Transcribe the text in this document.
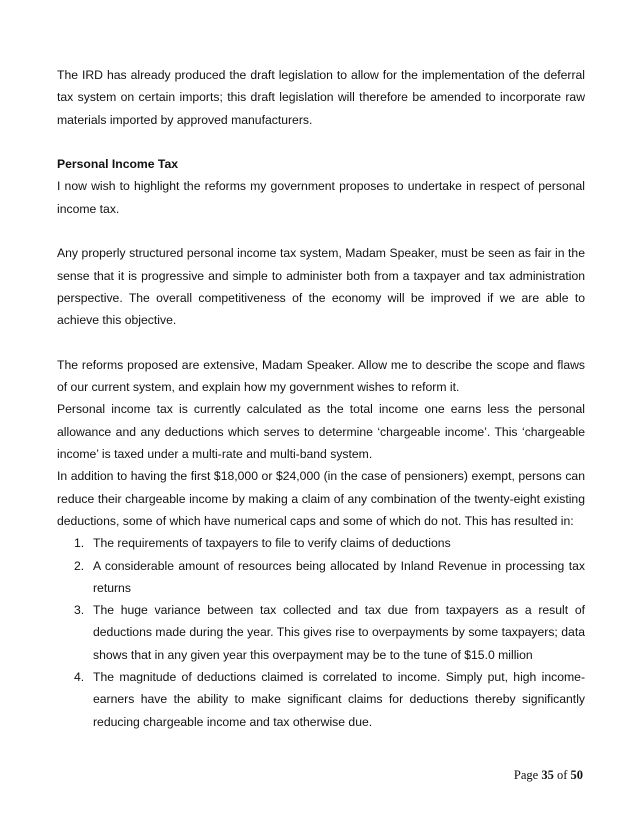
The IRD has already produced the draft legislation to allow for the implementation of the deferral tax system on certain imports; this draft legislation will therefore be amended to incorporate raw materials imported by approved manufacturers.

Personal Income Tax

I now wish to highlight the reforms my government proposes to undertake in respect of personal income tax.

Any properly structured personal income tax system, Madam Speaker, must be seen as fair in the sense that it is progressive and simple to administer both from a taxpayer and tax administration perspective. The overall competitiveness of the economy will be improved if we are able to achieve this objective.

The reforms proposed are extensive, Madam Speaker. Allow me to describe the scope and flaws of our current system, and explain how my government wishes to reform it.

Personal income tax is currently calculated as the total income one earns less the personal allowance and any deductions which serves to determine ‘chargeable income’. This ‘chargeable income’ is taxed under a multi-rate and multi-band system.

In addition to having the first $18,000 or $24,000 (in the case of pensioners) exempt, persons can reduce their chargeable income by making a claim of any combination of the twenty-eight existing deductions, some of which have numerical caps and some of which do not. This has resulted in:

1. The requirements of taxpayers to file to verify claims of deductions
2. A considerable amount of resources being allocated by Inland Revenue in processing tax returns
3. The huge variance between tax collected and tax due from taxpayers as a result of deductions made during the year. This gives rise to overpayments by some taxpayers; data shows that in any given year this overpayment may be to the tune of $15.0 million
4. The magnitude of deductions claimed is correlated to income. Simply put, high income-earners have the ability to make significant claims for deductions thereby significantly reducing chargeable income and tax otherwise due.
Page 35 of 50
